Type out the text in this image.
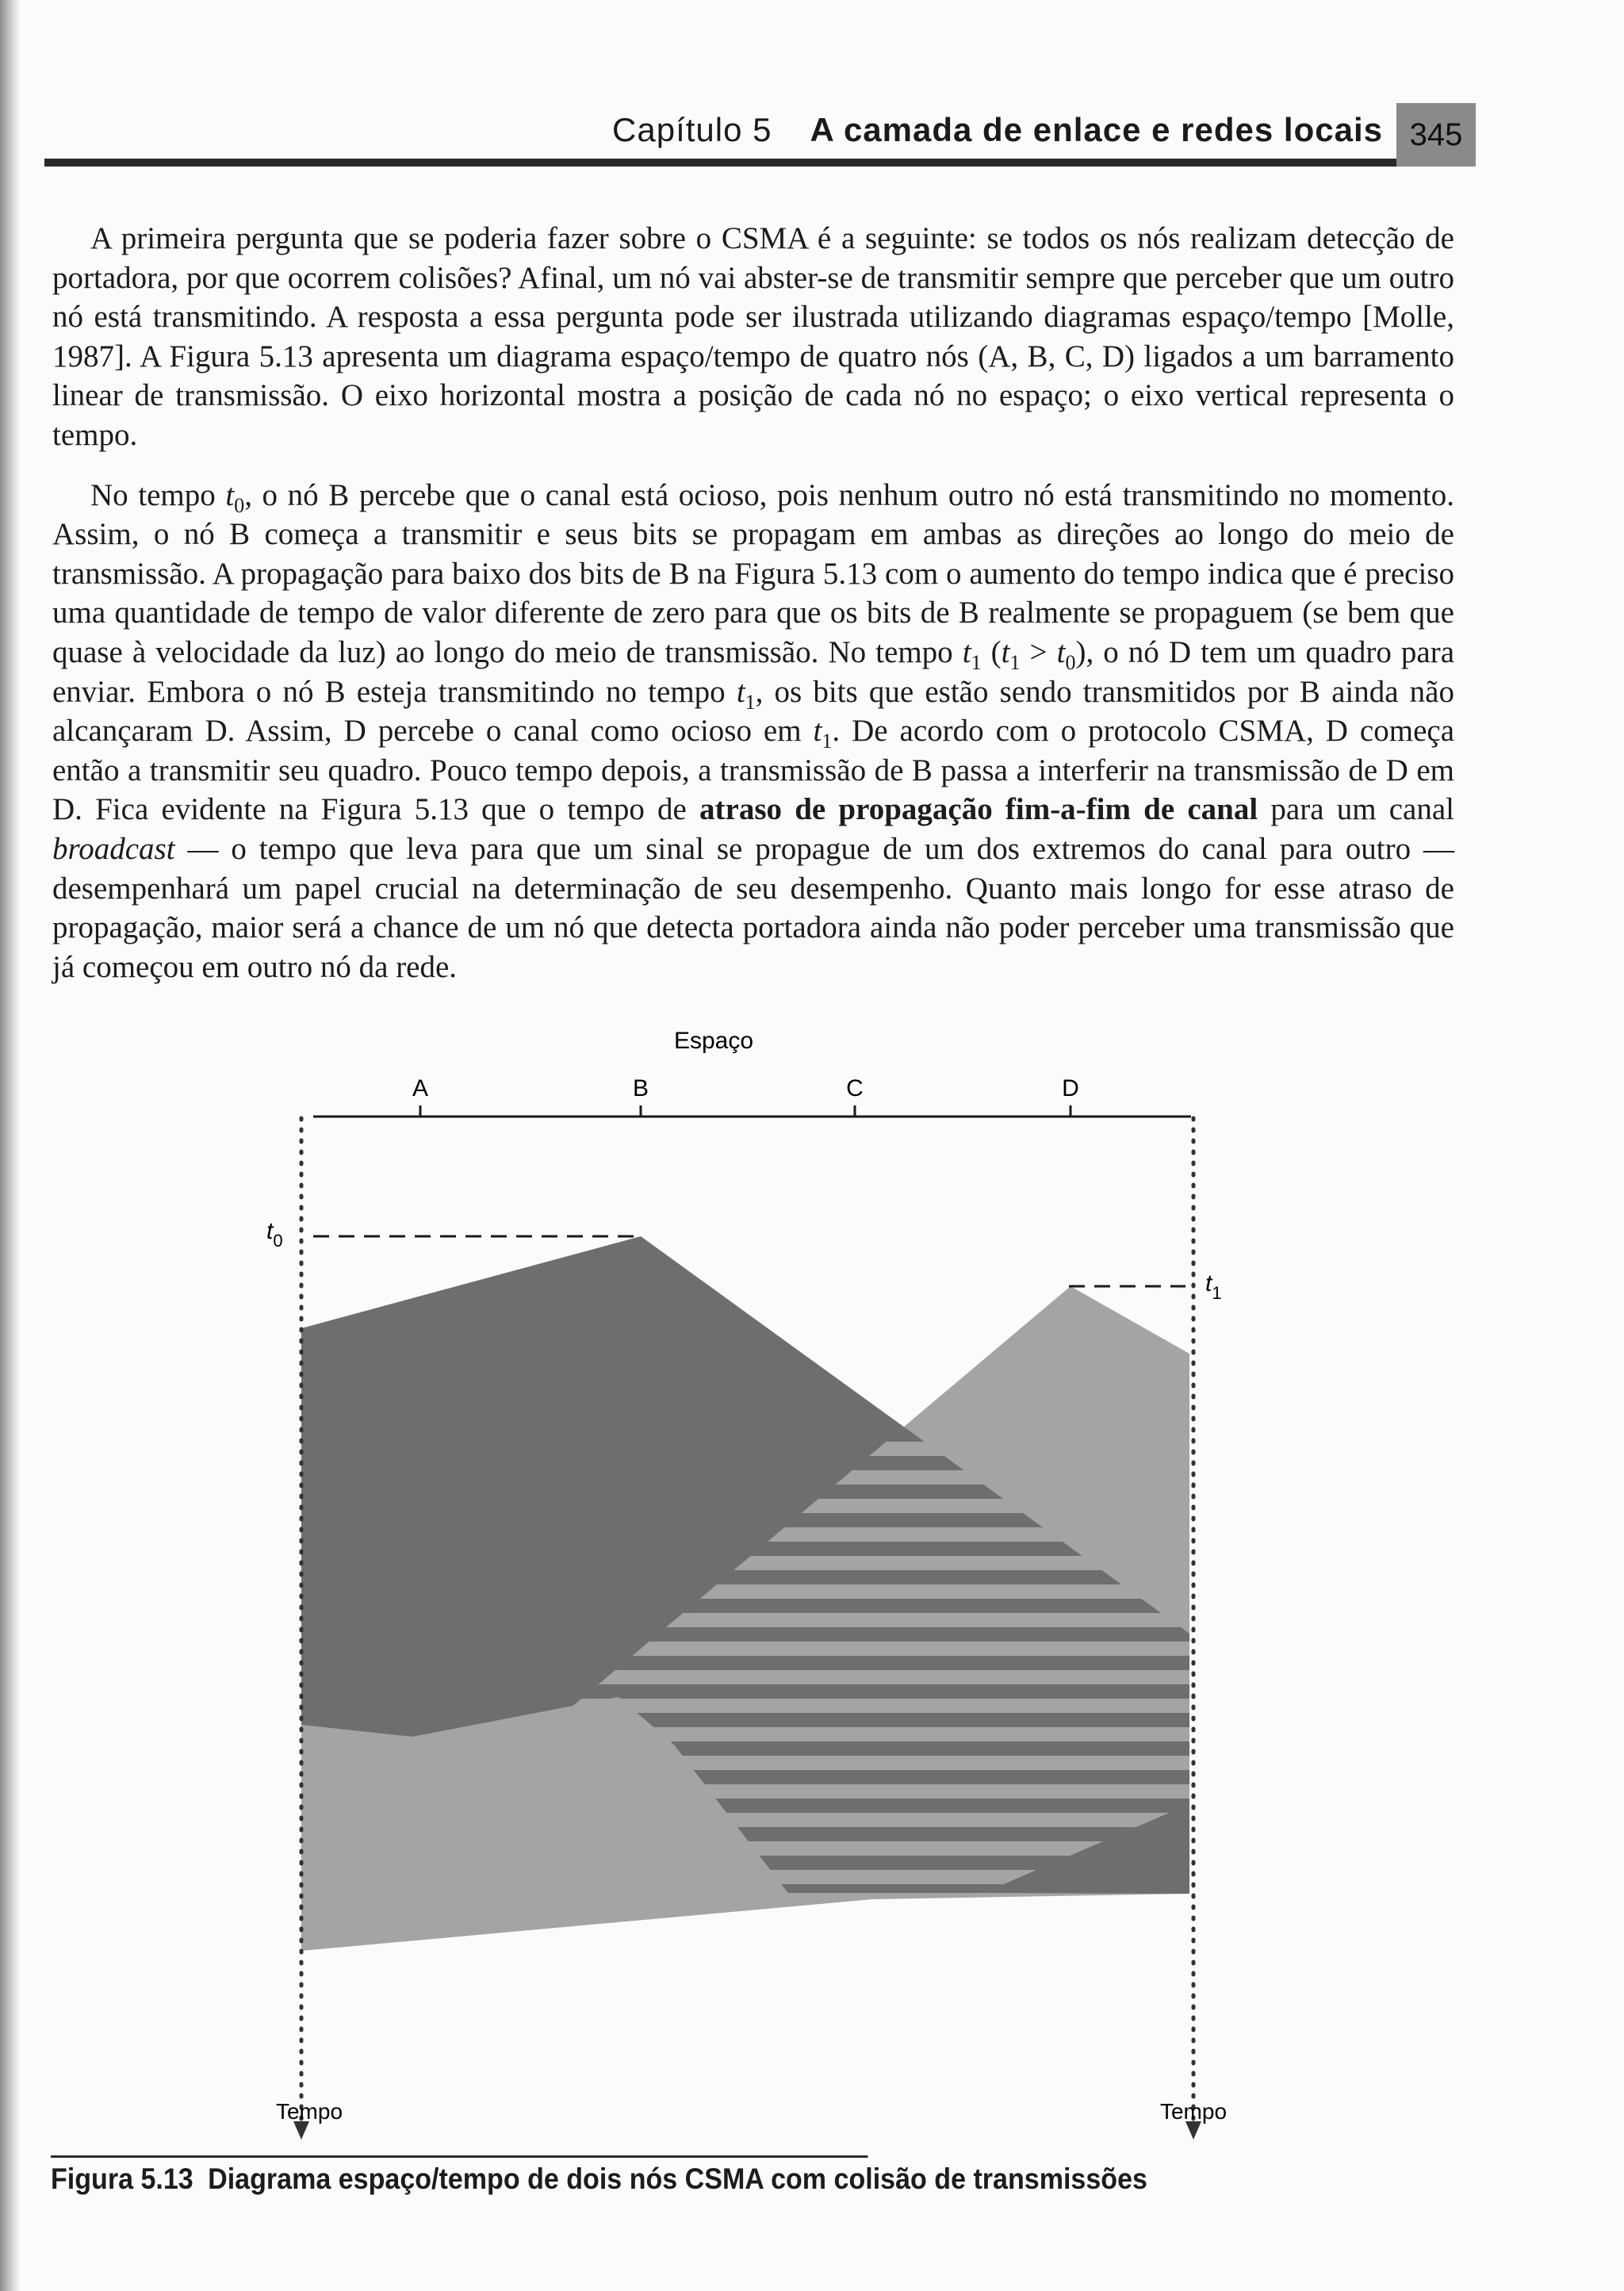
Capítulo 5 A camada de enlace e redes locais 345

A primeira pergunta que se poderia fazer sobre o CSMA é a seguinte: se todos os nós realizam detecção de portadora, por que ocorrem colisões? Afinal, um nó vai abster-se de transmitir sempre que perceber que um outro nó está transmitindo. A resposta a essa pergunta pode ser ilustrada utilizando diagramas espaço/tempo [Molle, 1987]. A Figura 5.13 apresenta um diagrama espaço/tempo de quatro nós (A, B, C, D) ligados a um barramento linear de transmissão. O eixo horizontal mostra a posição de cada nó no espaço; o eixo vertical representa o tempo.

No tempo $t_0$, o nó B percebe que o canal está ocioso, pois nenhum outro nó está transmitindo no momento. Assim, o nó B começa a transmitir e seus bits se propagam em ambas as direções ao longo do meio de transmissão. A propagação para baixo dos bits de B na Figura 5.13 com o aumento do tempo indica que é preciso uma quantidade de tempo de valor diferente de zero para que os bits de B realmente se propaguem (se bem que quase à velocidade da luz) ao longo do meio de transmissão. No tempo $t_1$ $(t_1 > t_0)$, o nó D tem um quadro para enviar. Embora o nó B esteja transmitindo no tempo $t_1$, os bits que estão sendo transmitidos por B ainda não alcançaram D. Assim, D percebe o canal como ocioso em $t_1$. De acordo com o protocolo CSMA, D começa então a transmitir seu quadro. Pouco tempo depois, a transmissão de B passa a interferir na transmissão de D em D. Fica evidente na Figura 5.13 que o tempo de atraso de propagação fim-a-fim de canal para um canal broadcast — o tempo que leva para que um sinal se propague de um dos extremos do canal para outro — desempenhará um papel crucial na determinação de seu desempenho. Quanto mais longo for esse atraso de propagação, maior será a chance de um nó que detecta portadora ainda não poder perceber uma transmissão que já começou em outro nó da rede.

Espaço
A	B	C	D
$t_0$
$t_1$
Tempo	Tempo
Figura 5.13 Diagrama espaço/tempo de dois nós CSMA com colisão de transmissões
